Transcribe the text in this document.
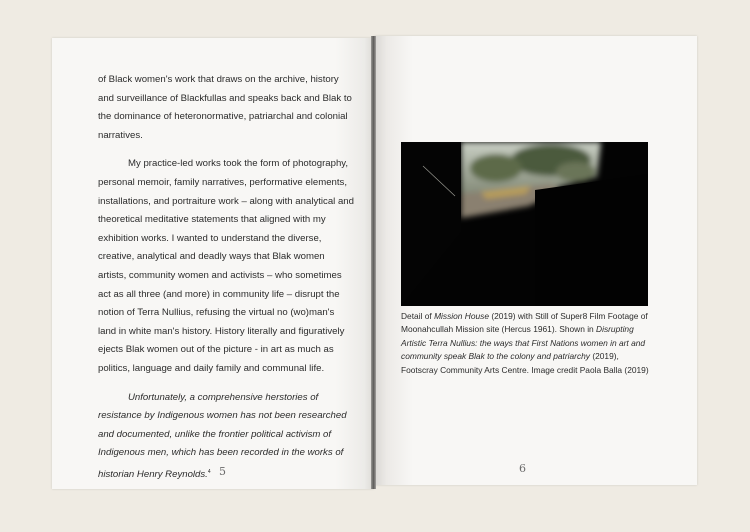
of Black women's work that draws on the archive, history and surveillance of Blackfullas and speaks back and Blak to the dominance of heteronormative, patriarchal and colonial narratives.

My practice-led works took the form of photography, personal memoir, family narratives, performative elements, installations, and portraiture work – along with analytical and theoretical meditative statements that aligned with my exhibition works. I wanted to understand the diverse, creative, analytical and deadly ways that Blak women artists, community women and activists – who sometimes act as all three (and more) in community life – disrupt the notion of Terra Nullius, refusing the virtual no (wo)man's land in white man's history. History literally and figuratively ejects Blak women out of the picture - in art as much as politics, language and daily family and communal life.

Unfortunately, a comprehensive herstories of resistance by Indigenous women has not been researched and documented, unlike the frontier political activism of Indigenous men, which has been recorded in the works of historian Henry Reynolds.$^4$ 5
Detail of Mission House (2019) with Still of Super8 Film Footage of Moonahcullah Mission site (Hercus 1961). Shown in Disrupting Artistic Terra Nullius: the ways that First Nations women in art and community speak Blak to the colony and patriarchy (2019), Footscray Community Arts Centre. Image credit Paola Balla (2019)
6
